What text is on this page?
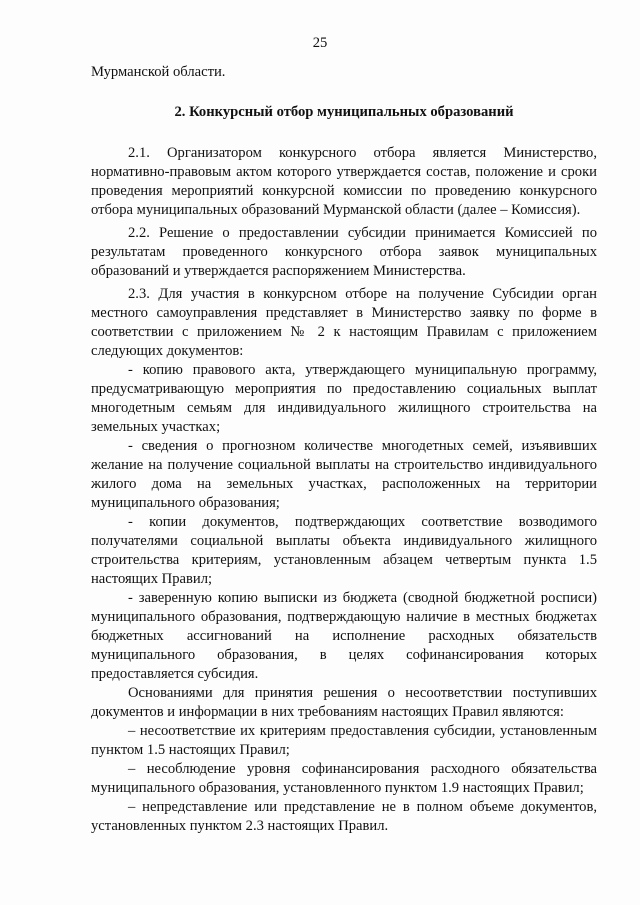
25

Мурманской области.

2. Конкурсный отбор муниципальных образований

2.1. Организатором конкурсного отбора является Министерство, нормативно-правовым актом которого утверждается состав, положение и сроки проведения мероприятий конкурсной комиссии по проведению конкурсного отбора муниципальных образований Мурманской области (далее – Комиссия).

2.2. Решение о предоставлении субсидии принимается Комиссией по результатам проведенного конкурсного отбора заявок муниципальных образований и утверждается распоряжением Министерства.

2.3. Для участия в конкурсном отборе на получение Субсидии орган местного самоуправления представляет в Министерство заявку по форме в соответствии с приложением № 2 к настоящим Правилам с приложением следующих документов:

- копию правового акта, утверждающего муниципальную программу, предусматривающую мероприятия по предоставлению социальных выплат многодетным семьям для индивидуального жилищного строительства на земельных участках;

- сведения о прогнозном количестве многодетных семей, изъявивших желание на получение социальной выплаты на строительство индивидуального жилого дома на земельных участках, расположенных на территории муниципального образования;

- копии документов, подтверждающих соответствие возводимого получателями социальной выплаты объекта индивидуального жилищного строительства критериям, установленным абзацем четвертым пункта 1.5 настоящих Правил;

- заверенную копию выписки из бюджета (сводной бюджетной росписи) муниципального образования, подтверждающую наличие в местных бюджетах бюджетных ассигнований на исполнение расходных обязательств муниципального образования, в целях софинансирования которых предоставляется субсидия.

Основаниями для принятия решения о несоответствии поступивших документов и информации в них требованиям настоящих Правил являются:

– несоответствие их критериям предоставления субсидии, установленным пунктом 1.5 настоящих Правил;

– несоблюдение уровня софинансирования расходного обязательства муниципального образования, установленного пунктом 1.9 настоящих Правил;

– непредставление или представление не в полном объеме документов, установленных пунктом 2.3 настоящих Правил.
